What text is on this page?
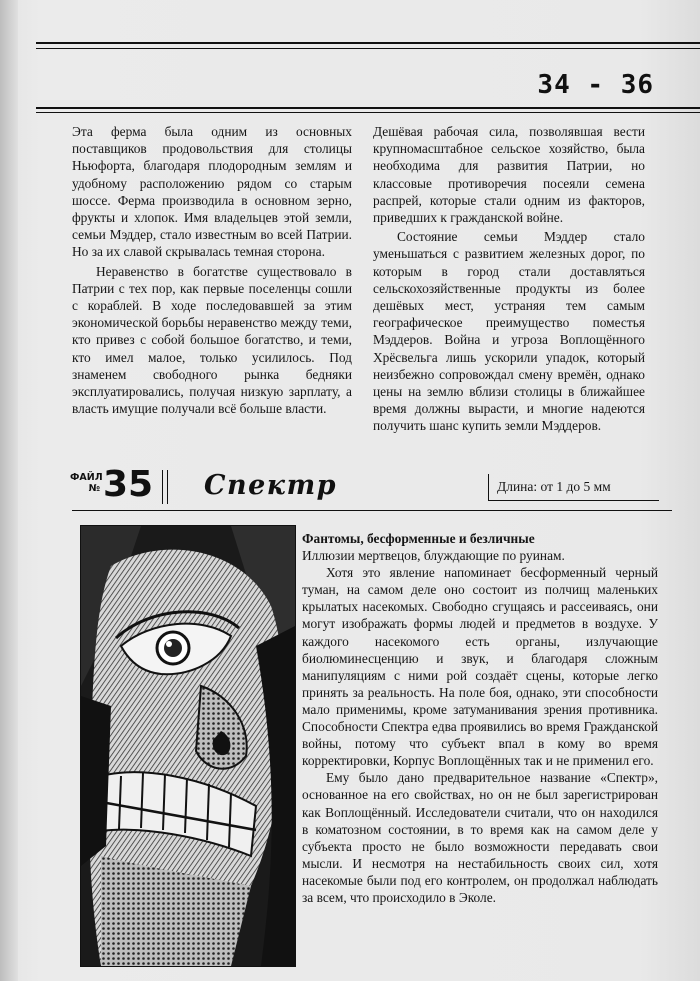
34 - 36

Эта ферма была одним из основных поставщиков продовольствия для столицы Ньюфорта, благодаря плодородным землям и удобному расположению рядом со старым шоссе. Ферма производила в основном зерно, фрукты и хлопок. Имя владельцев этой земли, семьи Мэддер, стало известным во всей Патрии. Но за их славой скрывалась темная сторона.

Неравенство в богатстве существовало в Патрии с тех пор, как первые поселенцы сошли с кораблей. В ходе последовавшей за этим экономической борьбы неравенство между теми, кто привез с собой большое богатство, и теми, кто имел малое, только усилилось. Под знаменем свободного рынка бедняки эксплуатировались, получая низкую зарплату, а власть имущие получали всё больше власти.

Дешёвая рабочая сила, позволявшая вести крупномасштабное сельское хозяйство, была необходима для развития Патрии, но классовые противоречия посеяли семена распрей, которые стали одним из факторов, приведших к гражданской войне.

Состояние семьи Мэддер стало уменьшаться с развитием железных дорог, по которым в город стали доставляться сельскохозяйственные продукты из более дешёвых мест, устраняя тем самым географическое преимущество поместья Мэддеров. Война и угроза Воплощённого Хрёсвельга лишь ускорили упадок, который неизбежно сопровождал смену времён, однако цены на землю вблизи столицы в ближайшее время должны вырасти, и многие надеются получить шанс купить земли Мэддеров.

ФАЙЛ
№ 35 Спектр	Длина: от 1 до 5 мм

Фантомы, бесформенные и безличные

Иллюзии мертвецов, блуждающие по руинам.

Хотя это явление напоминает бесформенный черный туман, на самом деле оно состоит из полчищ маленьких крылатых насекомых. Свободно сгущаясь и рассеиваясь, они могут изображать формы людей и предметов в воздухе. У каждого насекомого есть органы, излучающие биолюминесценцию и звук, и благодаря сложным манипуляциям с ними рой создаёт сцены, которые легко принять за реальность. На поле боя, однако, эти способности мало применимы, кроме затуманивания зрения противника. Способности Спектра едва проявились во время Гражданской войны, потому что субъект впал в кому во время корректировки, Корпус Воплощённых так и не применил его.

Ему было дано предварительное название «Спектр», основанное на его свойствах, но он не был зарегистрирован как Воплощённый. Исследователи считали, что он находился в коматозном состоянии, в то время как на самом деле у субъекта просто не было возможности передавать свои мысли. И несмотря на нестабильность своих сил, хотя насекомые были под его контролем, он продолжал наблюдать за всем, что происходило в Эколе.
